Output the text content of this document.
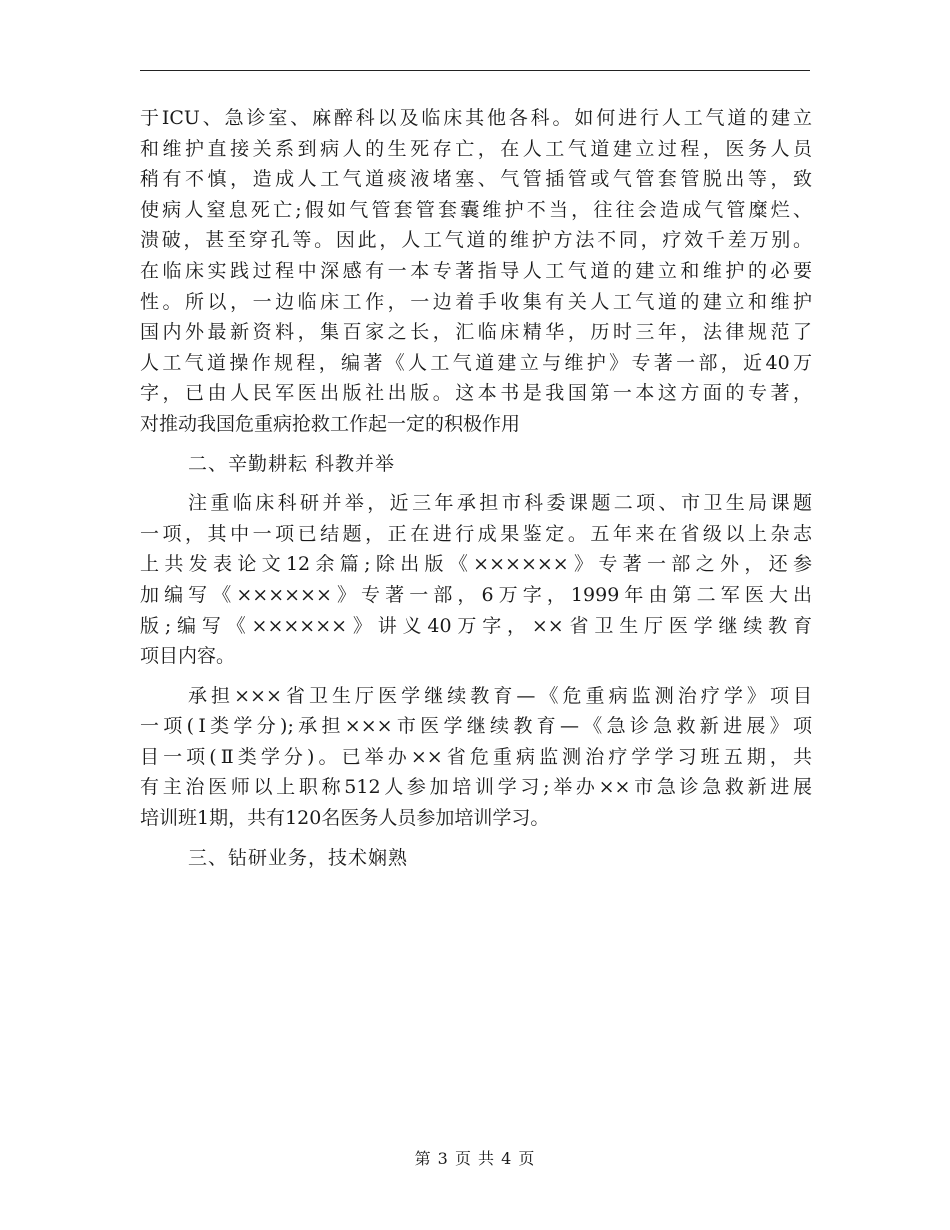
于ICU、急诊室、麻醉科以及临床其他各科。如何进行人工气道的建立
和维护直接关系到病人的生死存亡，在人工气道建立过程，医务人员
稍有不慎，造成人工气道痰液堵塞、气管插管或气管套管脱出等，致
使病人窒息死亡;假如气管套管套囊维护不当，往往会造成气管糜烂、
溃破，甚至穿孔等。因此，人工气道的维护方法不同，疗效千差万别。
在临床实践过程中深感有一本专著指导人工气道的建立和维护的必要
性。所以，一边临床工作，一边着手收集有关人工气道的建立和维护
国内外最新资料，集百家之长，汇临床精华，历时三年，法律规范了
人工气道操作规程，编著《人工气道建立与维护》专著一部，近40万
字，已由人民军医出版社出版。这本书是我国第一本这方面的专著，
对推动我国危重病抢救工作起一定的积极作用
二、辛勤耕耘 科教并举
注重临床科研并举，近三年承担市科委课题二项、市卫生局课题
一项，其中一项已结题，正在进行成果鉴定。五年来在省级以上杂志
上共发表论文12余篇;除出版《××××××》专著一部之外，还参
加编写《××××××》专著一部，6万字，1999年由第二军医大出
版;编写《××××××》讲义40万字，××省卫生厅医学继续教育
项目内容。
承担×××省卫生厅医学继续教育—《危重病监测治疗学》项目
一项(Ⅰ类学分);承担×××市医学继续教育—《急诊急救新进展》项
目一项(Ⅱ类学分)。已举办××省危重病监测治疗学学习班五期，共
有主治医师以上职称512人参加培训学习;举办××市急诊急救新进展
培训班1期，共有120名医务人员参加培训学习。
三、钻研业务，技术娴熟
第 3 页 共 4 页
